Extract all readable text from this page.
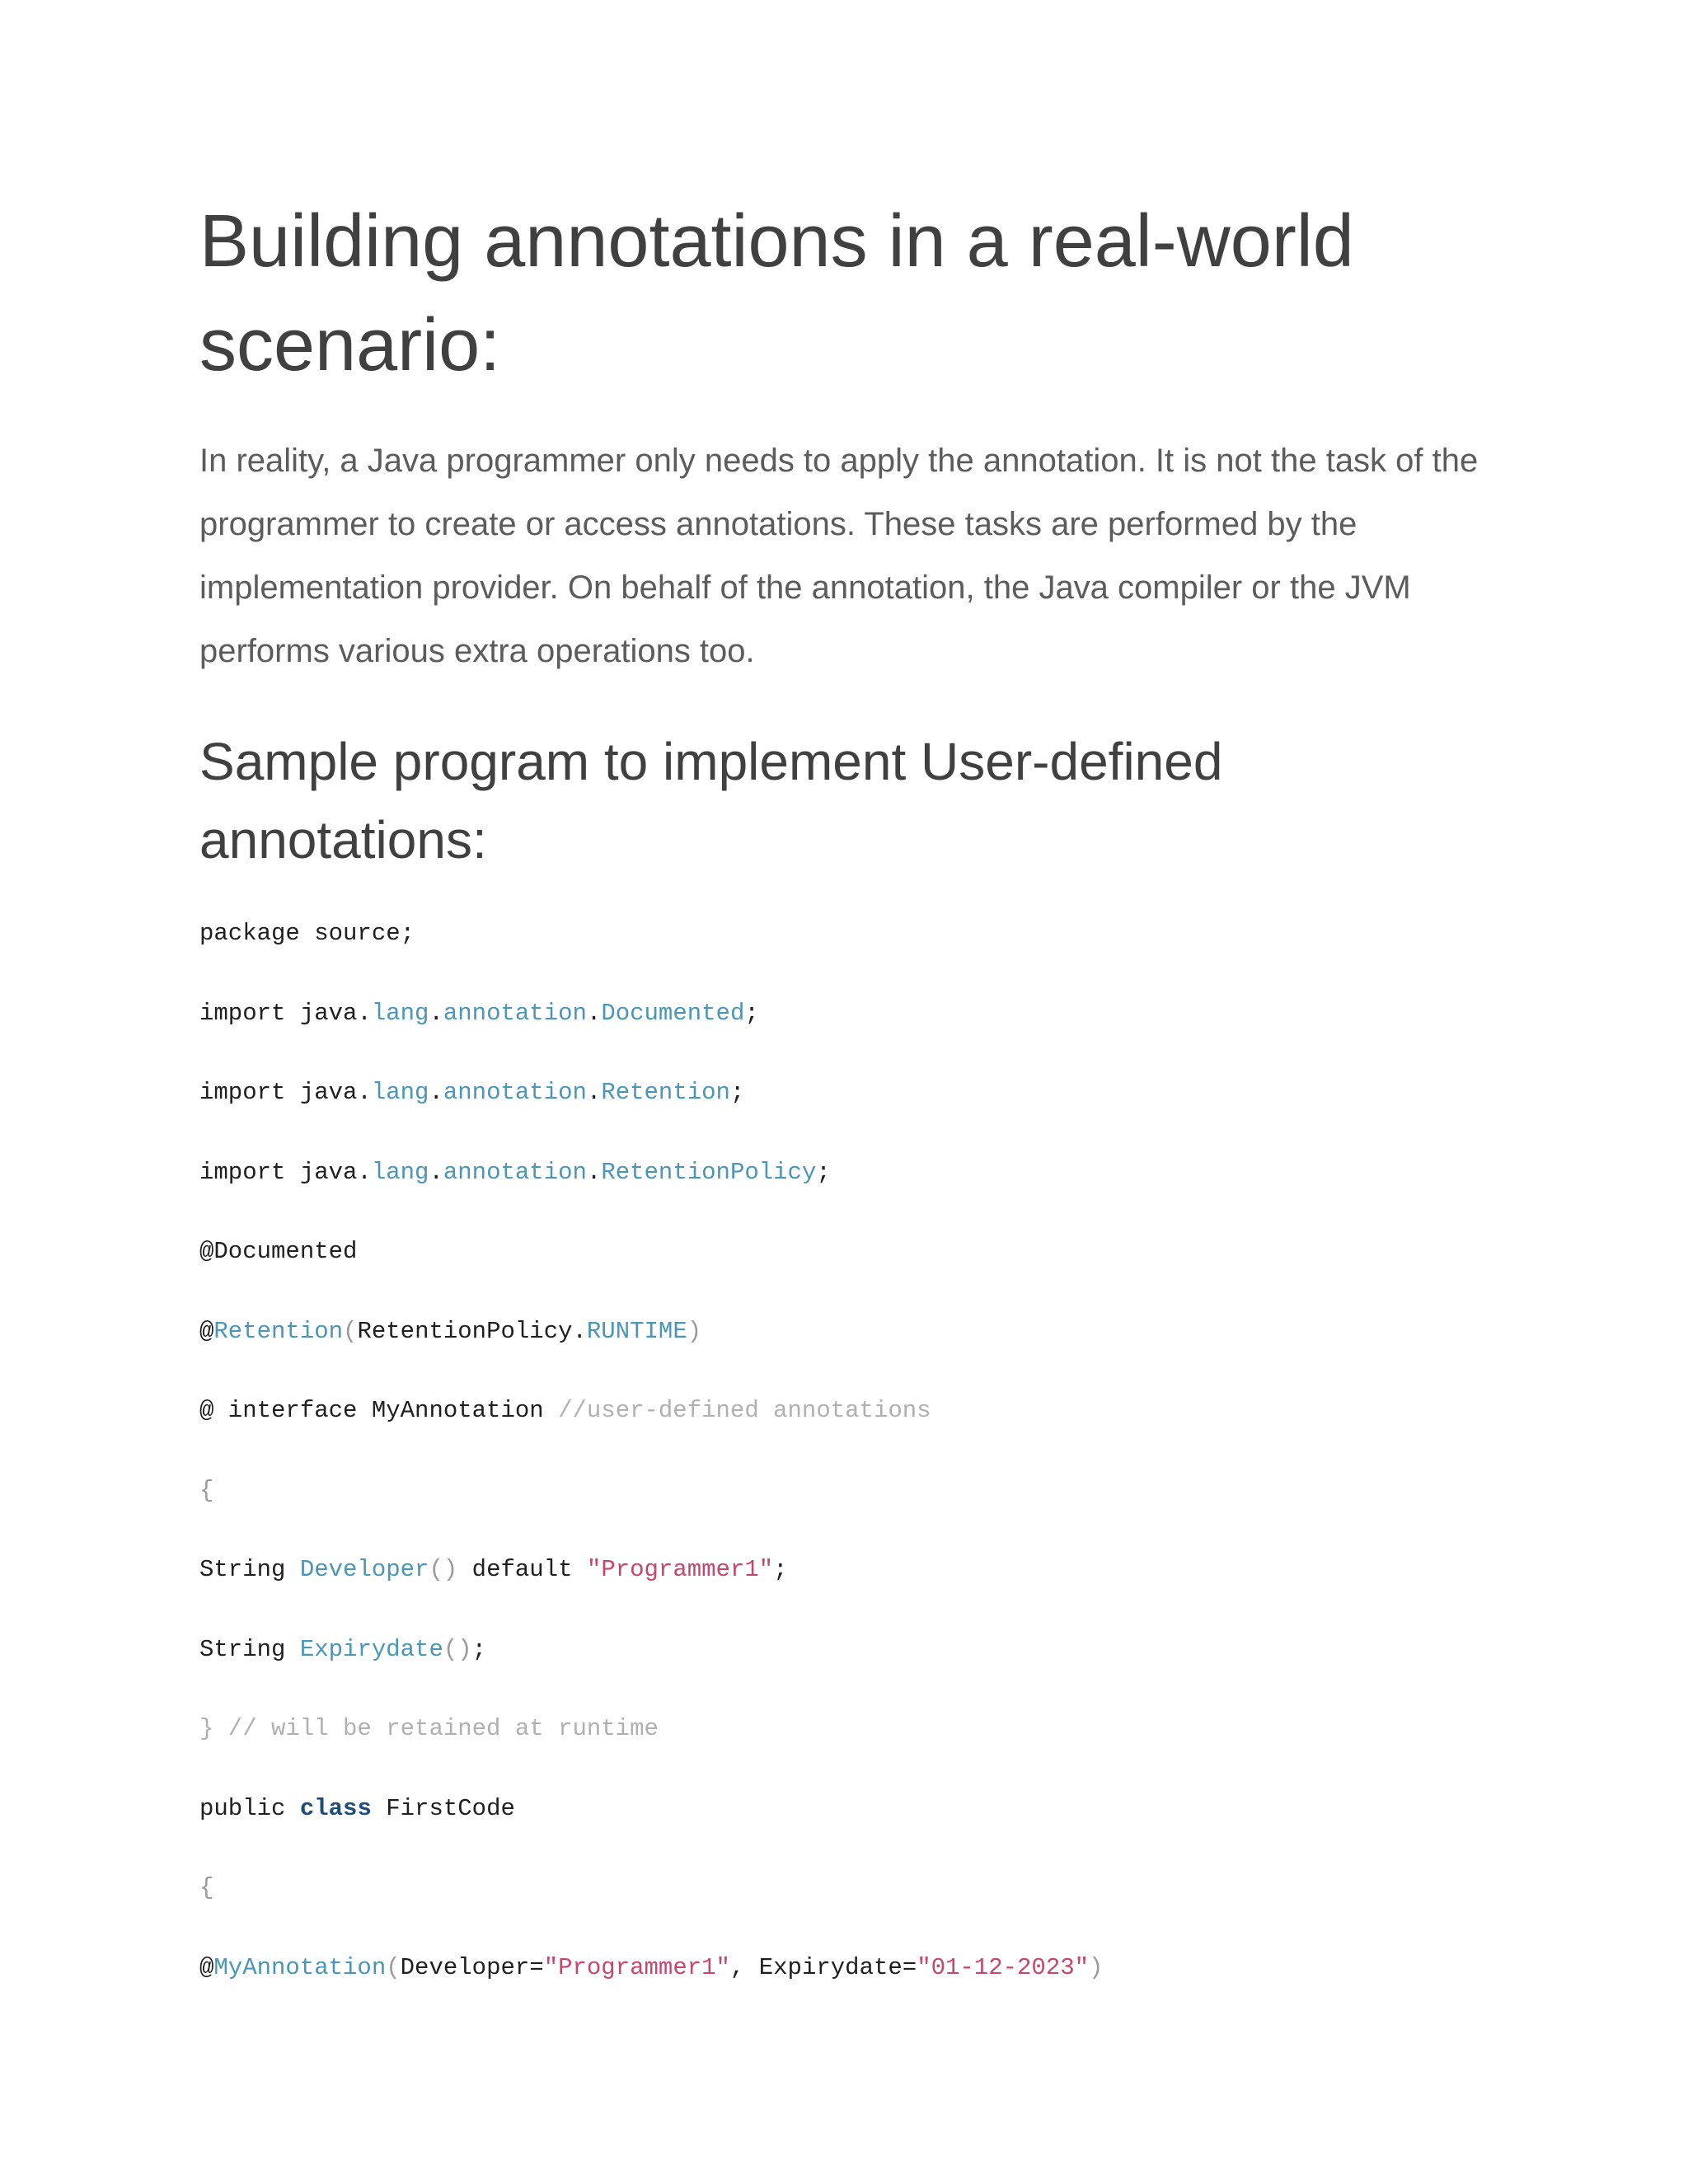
Building annotations in a real-world scenario:

In reality, a Java programmer only needs to apply the annotation. It is not the task of the programmer to create or access annotations. These tasks are performed by the implementation provider. On behalf of the annotation, the Java compiler or the JVM performs various extra operations too.

Sample program to implement User-defined annotations:
package source;
import java.lang.annotation.Documented;
import java.lang.annotation.Retention;
import java.lang.annotation.RetentionPolicy;
@Documented
@Retention(RetentionPolicy.RUNTIME)
@ interface MyAnnotation //user-defined annotations
{
String Developer() default "Programmer1";
String Expirydate();
} // will be retained at runtime
public class FirstCode
{
@MyAnnotation(Developer="Programmer1", Expirydate="01-12-2023")
